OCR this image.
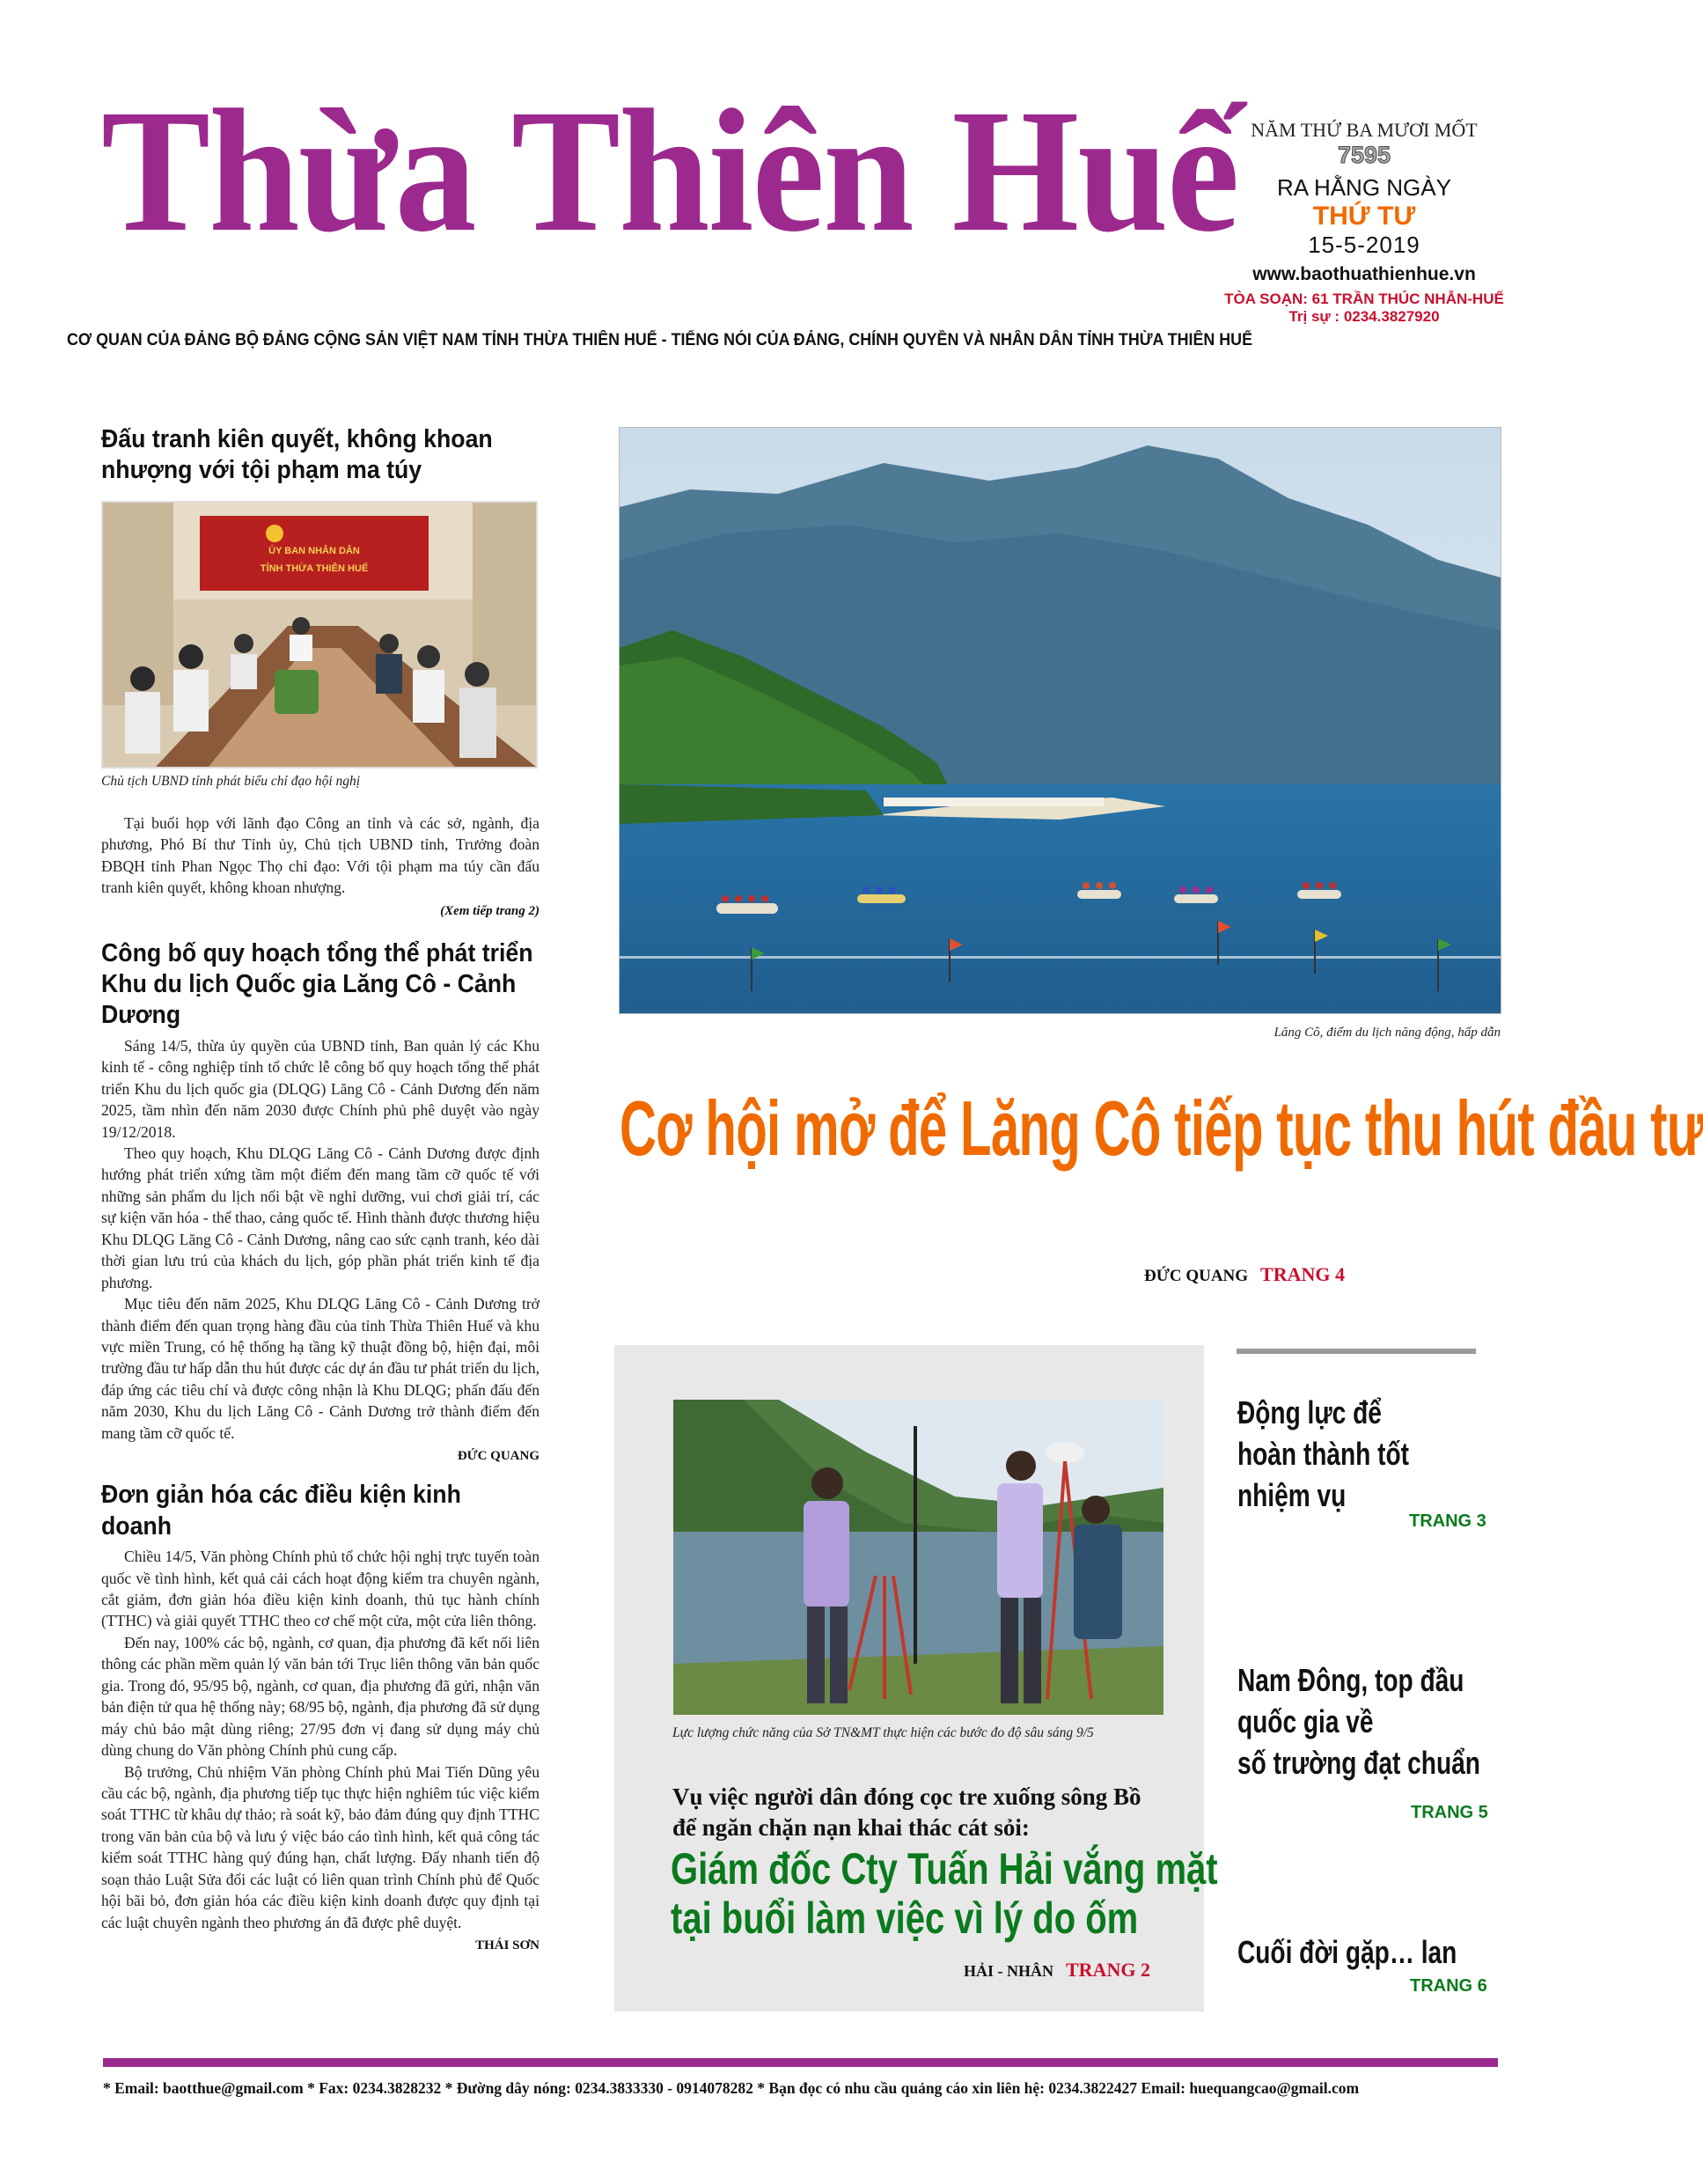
Thừa Thiên Huế
CƠ QUAN CỦA ĐẢNG BỘ ĐẢNG CỘNG SẢN VIỆT NAM TỈNH THỪA THIÊN HUẾ - TIẾNG NÓI CỦA ĐẢNG, CHÍNH QUYỀN VÀ NHÂN DÂN TỈNH THỪA THIÊN HUẾ
NĂM THỨ BA MƯƠI MỐT
7595
RA HẰNG NGÀY
THỨ TƯ
15-5-2019
www.baothuathienhue.vn
TÒA SOẠN: 61 TRẦN THÚC NHẪN-HUẾ
Trị sự : 0234.3827920
Đấu tranh kiên quyết, không khoan
nhượng với tội phạm ma túy
ỦY BAN NHÂN DÂN
TỈNH THỪA THIÊN HUẾ
Chủ tịch UBND tỉnh phát biểu chỉ đạo hội nghị

Tại buổi họp với lãnh đạo Công an tỉnh và các sở, ngành, địa phương, Phó Bí thư Tỉnh ủy, Chủ tịch UBND tỉnh, Trưởng đoàn ĐBQH tỉnh Phan Ngọc Thọ chỉ đạo: Với tội phạm ma túy cần đấu tranh kiên quyết, không khoan nhượng.

(Xem tiếp trang 2)
Công bố quy hoạch tổng thể phát triển
Khu du lịch Quốc gia Lăng Cô - Cảnh Dương

Sáng 14/5, thừa ủy quyền của UBND tỉnh, Ban quản lý các Khu kinh tế - công nghiệp tỉnh tổ chức lễ công bố quy hoạch tổng thể phát triển Khu du lịch quốc gia (DLQG) Lăng Cô - Cảnh Dương đến năm 2025, tầm nhìn đến năm 2030 được Chính phủ phê duyệt vào ngày 19/12/2018.

Theo quy hoạch, Khu DLQG Lăng Cô - Cảnh Dương được định hướng phát triển xứng tầm một điểm đến mang tầm cỡ quốc tế với những sản phẩm du lịch nổi bật về nghỉ dưỡng, vui chơi giải trí, các sự kiện văn hóa - thể thao, cảng quốc tế. Hình thành được thương hiệu Khu DLQG Lăng Cô - Cảnh Dương, nâng cao sức cạnh tranh, kéo dài thời gian lưu trú của khách du lịch, góp phần phát triển kinh tế địa phương.

Mục tiêu đến năm 2025, Khu DLQG Lăng Cô - Cảnh Dương trở thành điểm đến quan trọng hàng đầu của tỉnh Thừa Thiên Huế và khu vực miền Trung, có hệ thống hạ tầng kỹ thuật đồng bộ, hiện đại, môi trường đầu tư hấp dẫn thu hút được các dự án đầu tư phát triển du lịch, đáp ứng các tiêu chí và được công nhận là Khu DLQG; phấn đấu đến năm 2030, Khu du lịch Lăng Cô - Cảnh Dương trở thành điểm đến mang tầm cỡ quốc tế.

ĐỨC QUANG
Đơn giản hóa các điều kiện kinh doanh

Chiều 14/5, Văn phòng Chính phủ tổ chức hội nghị trực tuyến toàn quốc về tình hình, kết quả cải cách hoạt động kiểm tra chuyên ngành, cắt giảm, đơn giản hóa điều kiện kinh doanh, thủ tục hành chính (TTHC) và giải quyết TTHC theo cơ chế một cửa, một cửa liên thông.

Đến nay, 100% các bộ, ngành, cơ quan, địa phương đã kết nối liên thông các phần mềm quản lý văn bản tới Trục liên thông văn bản quốc gia. Trong đó, 95/95 bộ, ngành, cơ quan, địa phương đã gửi, nhận văn bản điện tử qua hệ thống này; 68/95 bộ, ngành, địa phương đã sử dụng máy chủ bảo mật dùng riêng; 27/95 đơn vị đang sử dụng máy chủ dùng chung do Văn phòng Chính phủ cung cấp.

Bộ trưởng, Chủ nhiệm Văn phòng Chính phủ Mai Tiến Dũng yêu cầu các bộ, ngành, địa phương tiếp tục thực hiện nghiêm túc việc kiểm soát TTHC từ khâu dự thảo; rà soát kỹ, bảo đảm đúng quy định TTHC trong văn bản của bộ và lưu ý việc báo cáo tình hình, kết quả công tác kiểm soát TTHC hàng quý đúng hạn, chất lượng. Đẩy nhanh tiến độ soạn thảo Luật Sửa đổi các luật có liên quan trình Chính phủ để Quốc hội bãi bỏ, đơn giản hóa các điều kiện kinh doanh được quy định tại các luật chuyên ngành theo phương án đã được phê duyệt.

THÁI SƠN
Lăng Cô, điểm du lịch năng động, hấp dẫn
Cơ hội mở để Lăng Cô tiếp tục thu hút đầu tư
ĐỨC QUANG TRANG 4
Lực lượng chức năng của Sở TN&MT thực hiện các bước đo độ sâu sáng 9/5
Vụ việc người dân đóng cọc tre xuống sông Bồ
để ngăn chặn nạn khai thác cát sỏi:
Giám đốc Cty Tuấn Hải vắng mặt
tại buổi làm việc vì lý do ốm
HẢI - NHÂN TRANG 2
Động lực để
hoàn thành tốt
nhiệm vụ
TRANG 3
Nam Đông, top đầu
quốc gia về
số trường đạt chuẩn
TRANG 5
Cuối đời gặp… lan
TRANG 6
* Email: baotthue@gmail.com * Fax: 0234.3828232 * Đường dây nóng: 0234.3833330 - 0914078282 * Bạn đọc có nhu cầu quảng cáo xin liên hệ: 0234.3822427 Email: huequangcao@gmail.com
